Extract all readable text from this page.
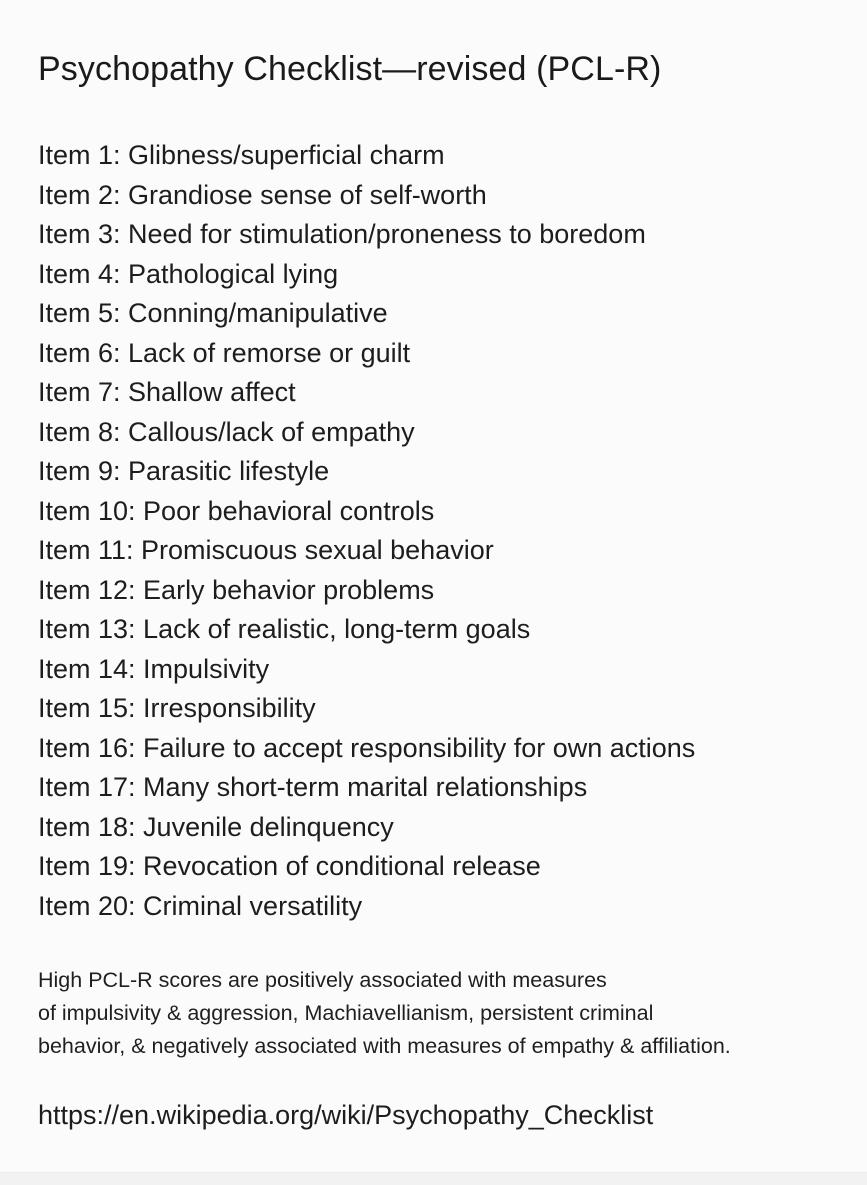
Psychopathy Checklist—revised (PCL-R)
Item 1: Glibness/superficial charm
Item 2: Grandiose sense of self-worth
Item 3: Need for stimulation/proneness to boredom
Item 4: Pathological lying
Item 5: Conning/manipulative
Item 6: Lack of remorse or guilt
Item 7: Shallow affect
Item 8: Callous/lack of empathy
Item 9: Parasitic lifestyle
Item 10: Poor behavioral controls
Item 11: Promiscuous sexual behavior
Item 12: Early behavior problems
Item 13: Lack of realistic, long-term goals
Item 14: Impulsivity
Item 15: Irresponsibility
Item 16: Failure to accept responsibility for own actions
Item 17: Many short-term marital relationships
Item 18: Juvenile delinquency
Item 19: Revocation of conditional release
Item 20: Criminal versatility

High PCL-R scores are positively associated with measures
of impulsivity & aggression, Machiavellianism, persistent criminal
behavior, & negatively associated with measures of empathy & affiliation.

https://en.wikipedia.org/wiki/Psychopathy_Checklist
